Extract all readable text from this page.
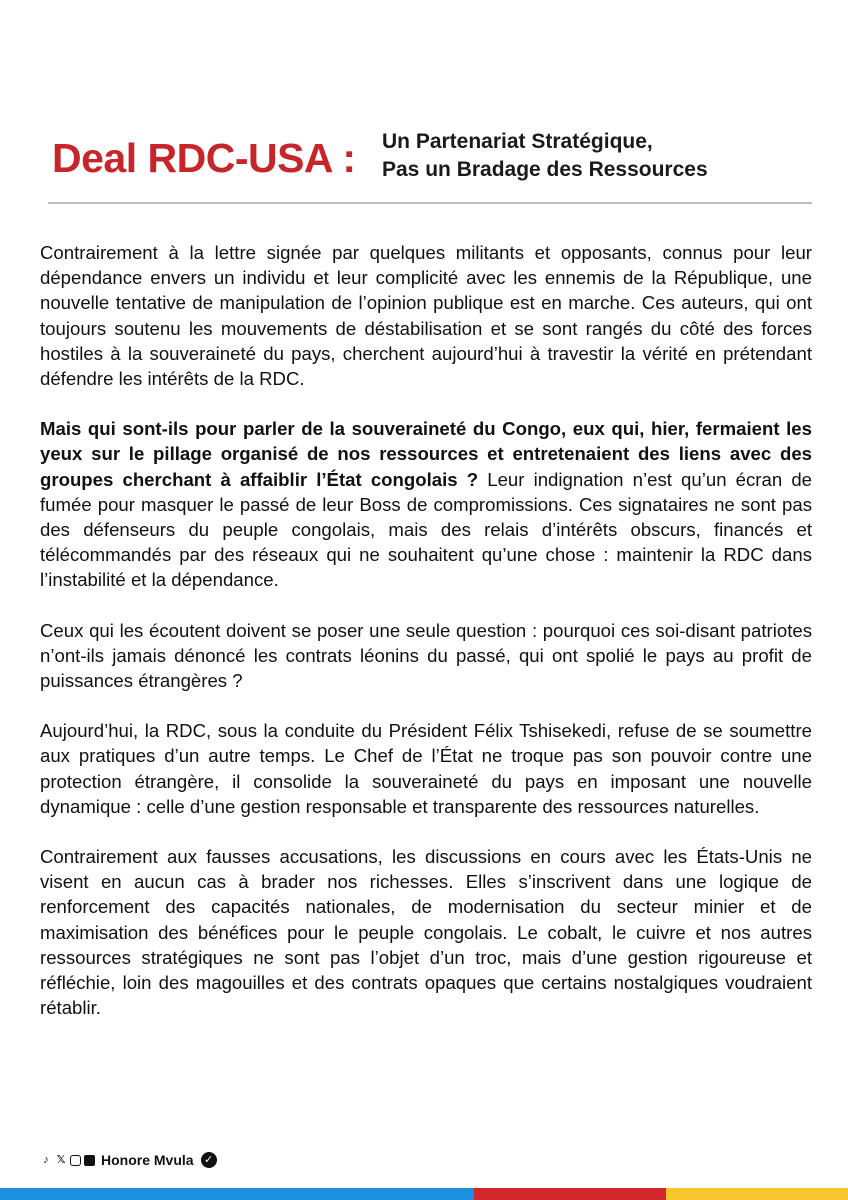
Deal RDC-USA : Un Partenariat Stratégique,
Pas un Bradage des Ressources

Contrairement à la lettre signée par quelques militants et opposants, connus pour leur dépendance envers un individu et leur complicité avec les ennemis de la République, une nouvelle tentative de manipulation de l’opinion publique est en marche. Ces auteurs, qui ont toujours soutenu les mouvements de déstabilisation et se sont rangés du côté des forces hostiles à la souveraineté du pays, cherchent aujourd’hui à travestir la vérité en prétendant défendre les intérêts de la RDC.

Mais qui sont-ils pour parler de la souveraineté du Congo, eux qui, hier, fermaient les yeux sur le pillage organisé de nos ressources et entretenaient des liens avec des groupes cherchant à affaiblir l’État congolais ? Leur indignation n’est qu’un écran de fumée pour masquer le passé de leur Boss de compromissions. Ces signataires ne sont pas des défenseurs du peuple congolais, mais des relais d’intérêts obscurs, financés et télécommandés par des réseaux qui ne souhaitent qu’une chose : maintenir la RDC dans l’instabilité et la dépendance.

Ceux qui les écoutent doivent se poser une seule question : pourquoi ces soi-disant patriotes n’ont-ils jamais dénoncé les contrats léonins du passé, qui ont spolié le pays au profit de puissances étrangères ?

Aujourd’hui, la RDC, sous la conduite du Président Félix Tshisekedi, refuse de se soumettre aux pratiques d’un autre temps. Le Chef de l’État ne troque pas son pouvoir contre une protection étrangère, il consolide la souveraineté du pays en imposant une nouvelle dynamique : celle d’une gestion responsable et transparente des ressources naturelles.

Contrairement aux fausses accusations, les discussions en cours avec les États-Unis ne visent en aucun cas à brader nos richesses. Elles s’inscrivent dans une logique de renforcement des capacités nationales, de modernisation du secteur minier et de maximisation des bénéfices pour le peuple congolais. Le cobalt, le cuivre et nos autres ressources stratégiques ne sont pas l’objet d’un troc, mais d’une gestion rigoureuse et réfléchie, loin des magouilles et des contrats opaques que certains nostalgiques voudraient rétablir.

♪ 𝕏	Honore Mvula ✓
